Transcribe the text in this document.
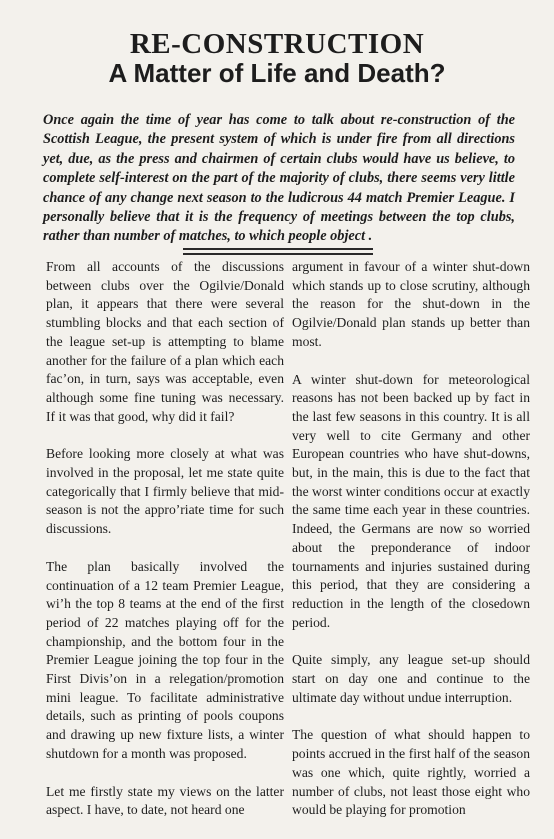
RE-CONSTRUCTION
A Matter of Life and Death?

Once again the time of year has come to talk about re-construction of the Scottish League, the present system of which is under fire from all directions yet, due, as the press and chairmen of certain clubs would have us believe, to complete self-interest on the part of the majority of clubs, there seems very little chance of any change next season to the ludicrous 44 match Premier League. I personally believe that it is the frequency of meetings between the top clubs, rather than number of matches, to which people object .

From all accounts of the discussions between clubs over the Ogilvie/Donald plan, it appears that there were several stumbling blocks and that each section of the league set-up is attempting to blame another for the failure of a plan which each fac’on, in turn, says was acceptable, even although some fine tuning was necessary. If it was that good, why did it fail?

Before looking more closely at what was involved in the proposal, let me state quite categorically that I firmly believe that mid-season is not the appro’riate time for such discussions.

The plan basically involved the continuation of a 12 team Premier League, wi’h the top 8 teams at the end of the first period of 22 matches playing off for the championship, and the bottom four in the Premier League joining the top four in the First Divis’on in a relegation/promotion mini league. To facilitate administrative details, such as printing of pools coupons and drawing up new fixture lists, a winter shutdown for a month was proposed.

Let me firstly state my views on the latter aspect. I have, to date, not heard one

argument in favour of a winter shut-down which stands up to close scrutiny, although the reason for the shut-down in the Ogilvie/Donald plan stands up better than most.

A winter shut-down for meteorological reasons has not been backed up by fact in the last few seasons in this country. It is all very well to cite Germany and other European countries who have shut-downs, but, in the main, this is due to the fact that the worst winter conditions occur at exactly the same time each year in these countries. Indeed, the Germans are now so worried about the preponderance of indoor tournaments and injuries sustained during this period, that they are considering a reduction in the length of the closedown period.

Quite simply, any league set-up should start on day one and continue to the ultimate day without undue interruption.

The question of what should happen to points accrued in the first half of the season was one which, quite rightly, worried a number of clubs, not least those eight who would be playing for promotion
